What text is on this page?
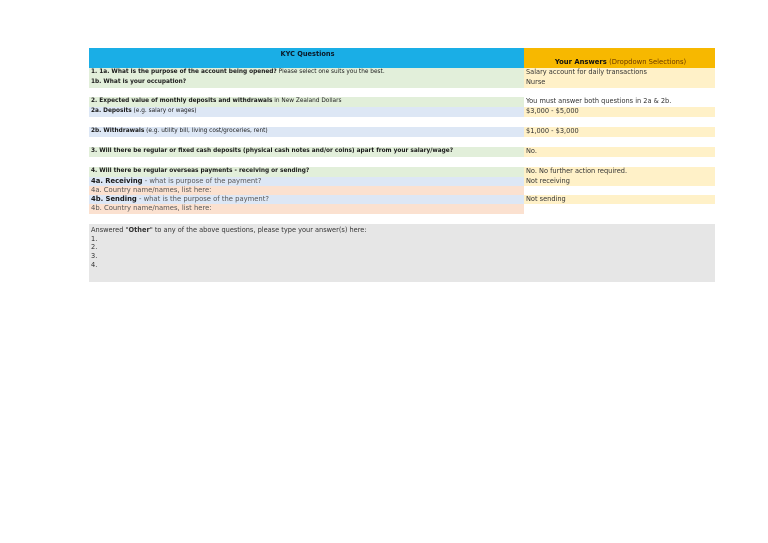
KYC Questions
Your Answers (Dropdown Selections)
1. 1a. What is the purpose of the account being opened? Please select one suits you the best.	Salary account for daily transactions
1b. What is your occupation?	Nurse
2. Expected value of monthly deposits and withdrawals in New Zealand Dollars	You must answer both questions in 2a & 2b.
2a. Deposits (e.g. salary or wages)	$3,000 - $5,000
2b. Withdrawals (e.g. utility bill, living cost/groceries, rent)	$1,000 - $3,000
3. Will there be regular or fixed cash deposits (physical cash notes and/or coins) apart from your salary/wage?	No.
4. Will there be regular overseas payments - receiving or sending?	No. No further action required.
4a. Receiving - what is purpose of the payment?	Not receiving
4a. Country name/names, list here:
4b. Sending - what is the purpose of the payment?	Not sending
4b. Country name/names, list here:
Answered "Other" to any of the above questions, please type your answer(s) here:
1.
2.
3.
4.
